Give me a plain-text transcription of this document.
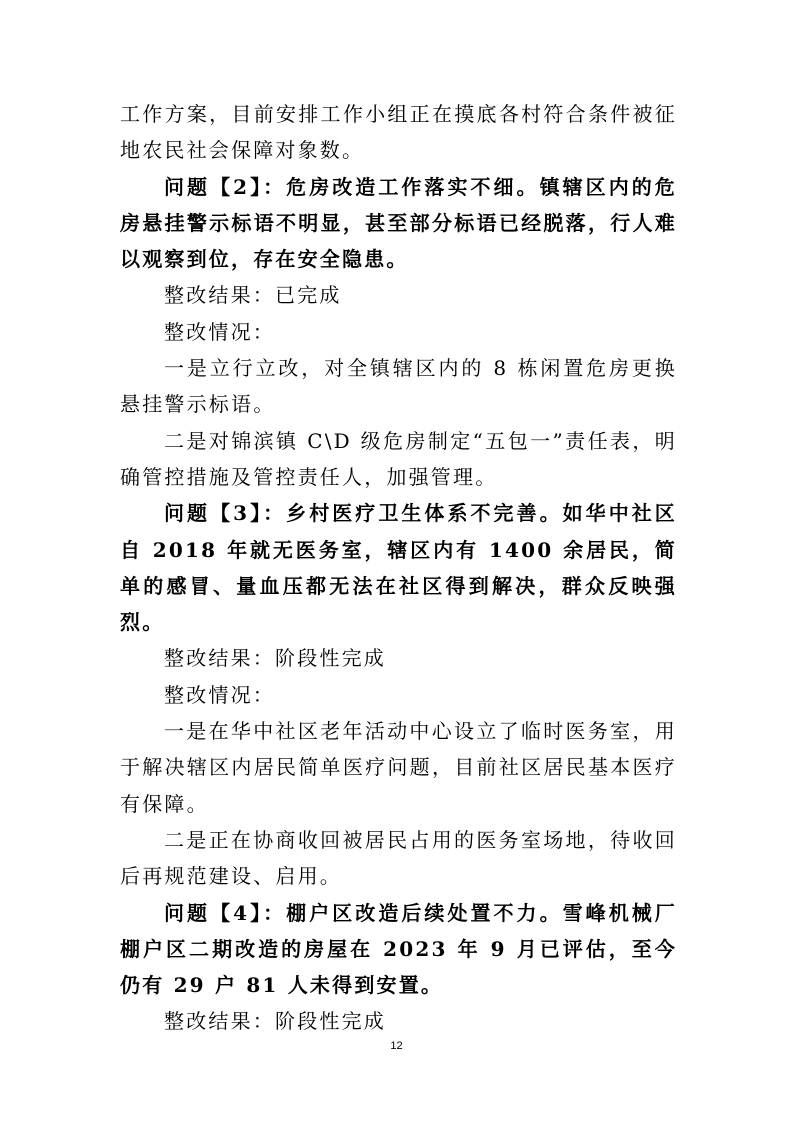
工作方案，目前安排工作小组正在摸底各村符合条件被征地农民社会保障对象数。

问题【2】：危房改造工作落实不细。镇辖区内的危房悬挂警示标语不明显，甚至部分标语已经脱落，行人难以观察到位，存在安全隐患。

整改结果：已完成

整改情况：

一是立行立改，对全镇辖区内的 8 栋闲置危房更换悬挂警示标语。

二是对锦滨镇 C\D 级危房制定“五包一”责任表，明确管控措施及管控责任人，加强管理。

问题【3】：乡村医疗卫生体系不完善。如华中社区自 2018 年就无医务室，辖区内有 1400 余居民，简单的感冒、量血压都无法在社区得到解决，群众反映强烈。

整改结果：阶段性完成

整改情况：

一是在华中社区老年活动中心设立了临时医务室，用于解决辖区内居民简单医疗问题，目前社区居民基本医疗有保障。

二是正在协商收回被居民占用的医务室场地，待收回后再规范建设、启用。

问题【4】：棚户区改造后续处置不力。雪峰机械厂棚户区二期改造的房屋在 2023 年 9 月已评估，至今仍有 29 户 81 人未得到安置。

整改结果：阶段性完成

12
